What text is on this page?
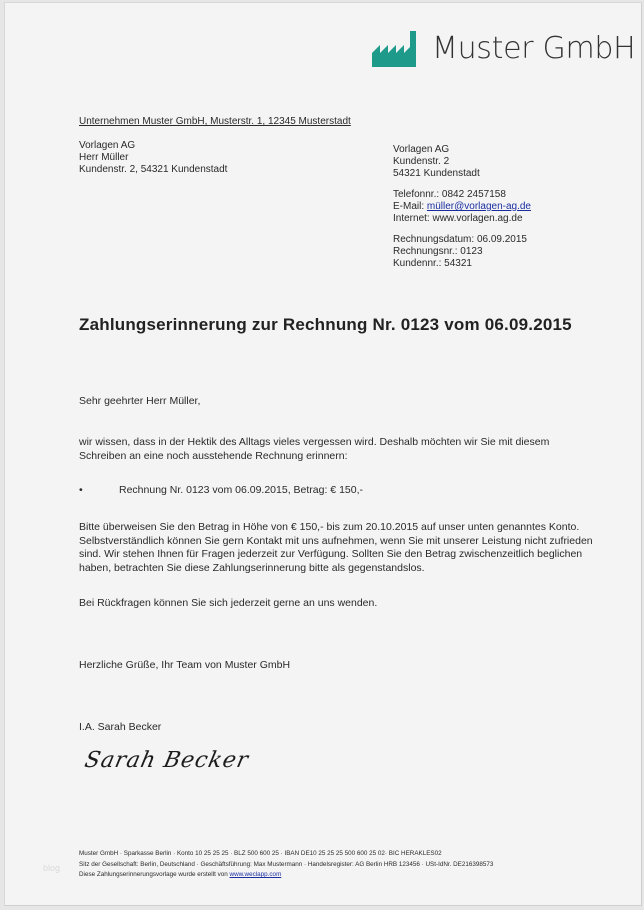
Muster GmbH
Unternehmen Muster GmbH, Musterstr. 1, 12345 Musterstadt
Vorlagen AG
Herr Müller
Kundenstr. 2, 54321 Kundenstadt
Vorlagen AG
Kundenstr. 2
54321 Kundenstadt
Telefonnr.: 0842 2457158
E-Mail: müller@vorlagen-ag.de
Internet: www.vorlagen.ag.de
Rechnungsdatum: 06.09.2015
Rechnungsnr.: 0123
Kundennr.: 54321
Zahlungserinnerung zur Rechnung Nr. 0123 vom 06.09.2015
Sehr geehrter Herr Müller,
wir wissen, dass in der Hektik des Alltags vieles vergessen wird. Deshalb möchten wir Sie mit diesem Schreiben an eine noch ausstehende Rechnung erinnern:
•	Rechnung Nr. 0123 vom 06.09.2015, Betrag: € 150,-
Bitte überweisen Sie den Betrag in Höhe von € 150,- bis zum 20.10.2015 auf unser unten genanntes Konto. Selbstverständlich können Sie gern Kontakt mit uns aufnehmen, wenn Sie mit unserer Leistung nicht zufrieden sind. Wir stehen Ihnen für Fragen jederzeit zur Verfügung. Sollten Sie den Betrag zwischenzeitlich beglichen haben, betrachten Sie diese Zahlungserinnerung bitte als gegenstandslos.
Bei Rückfragen können Sie sich jederzeit gerne an uns wenden.
Herzliche Grüße, Ihr Team von Muster GmbH
I.A. Sarah Becker
Sarah Becker
blog
Muster GmbH · Sparkasse Berlin · Konto 10 25 25 25 · BLZ 500 600 25 · IBAN DE10 25 25 25 500 600 25 02· BIC HERAKLES02
Sitz der Gesellschaft: Berlin, Deutschland · Geschäftsführung: Max Mustermann · Handelsregister: AG Berlin HRB 123456 · USt-IdNr. DE216398573
Diese Zahlungserinnerungsvorlage wurde erstellt von www.weclapp.com
